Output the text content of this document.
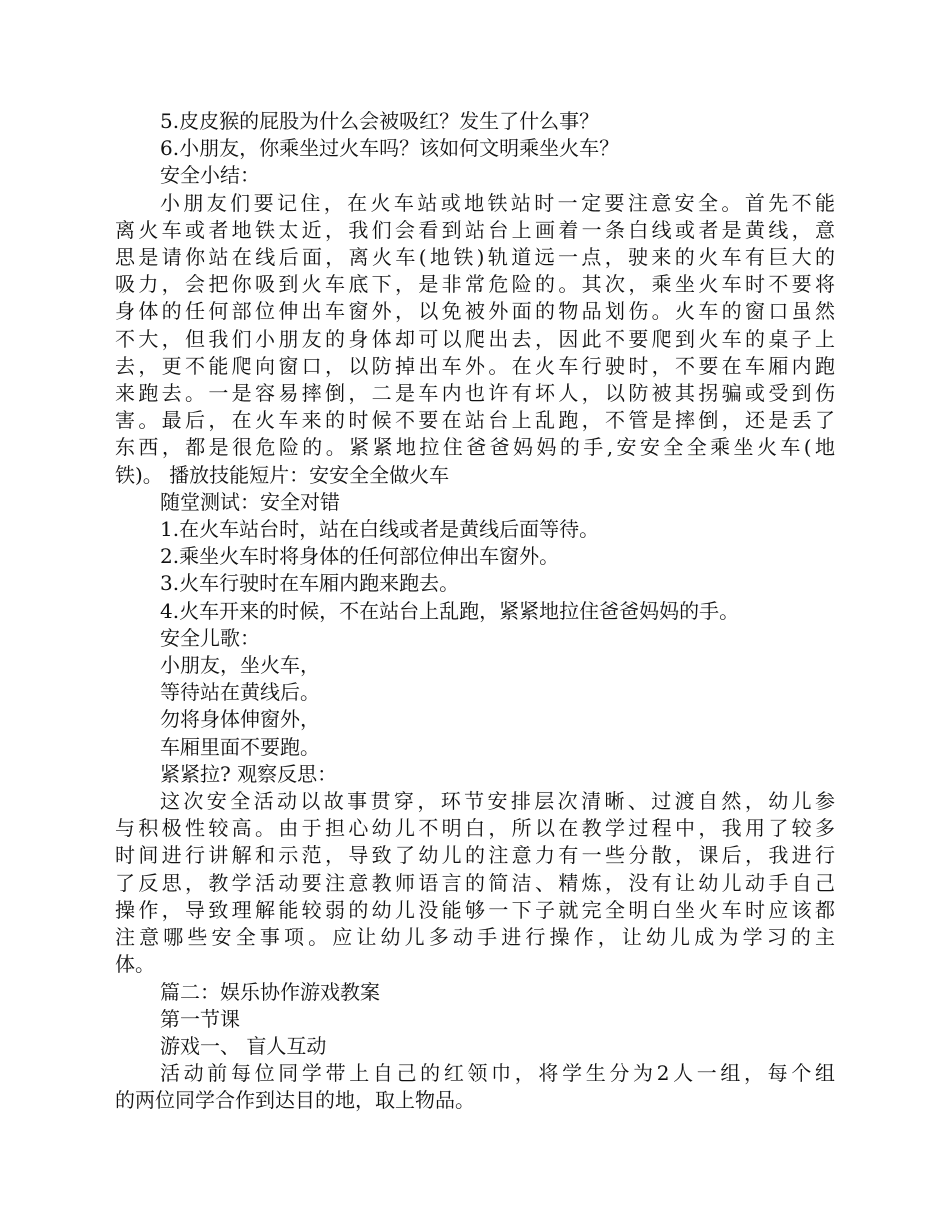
5.皮皮猴的屁股为什么会被吸红？发生了什么事？
6.小朋友，你乘坐过火车吗？该如何文明乘坐火车？
安全小结：
小朋友们要记住，在火车站或地铁站时一定要注意安全。首先不能
离火车或者地铁太近，我们会看到站台上画着一条白线或者是黄线，意
思是请你站在线后面，离火车(地铁)轨道远一点，驶来的火车有巨大的
吸力，会把你吸到火车底下，是非常危险的。其次，乘坐火车时不要将
身体的任何部位伸出车窗外，以免被外面的物品划伤。火车的窗口虽然
不大，但我们小朋友的身体却可以爬出去，因此不要爬到火车的桌子上
去，更不能爬向窗口，以防掉出车外。在火车行驶时，不要在车厢内跑
来跑去。一是容易摔倒，二是车内也许有坏人，以防被其拐骗或受到伤
害。最后，在火车来的时候不要在站台上乱跑，不管是摔倒，还是丢了
东西，都是很危险的。紧紧地拉住爸爸妈妈的手,安安全全乘坐火车(地
铁)。 播放技能短片：安安全全做火车
随堂测试：安全对错
1.在火车站台时，站在白线或者是黄线后面等待。
2.乘坐火车时将身体的任何部位伸出车窗外。
3.火车行驶时在车厢内跑来跑去。
4.火车开来的时候，不在站台上乱跑，紧紧地拉住爸爸妈妈的手。
安全儿歌：
小朋友，坐火车，
等待站在黄线后。
勿将身体伸窗外，
车厢里面不要跑。
紧紧拉? 观察反思：
这次安全活动以故事贯穿，环节安排层次清晰、过渡自然，幼儿参
与积极性较高。由于担心幼儿不明白，所以在教学过程中，我用了较多
时间进行讲解和示范，导致了幼儿的注意力有一些分散，课后，我进行
了反思，教学活动要注意教师语言的简洁、精炼，没有让幼儿动手自己
操作，导致理解能较弱的幼儿没能够一下子就完全明白坐火车时应该都
注意哪些安全事项。应让幼儿多动手进行操作，让幼儿成为学习的主
体。
篇二：娱乐协作游戏教案
第一节课
游戏一、 盲人互动
活动前每位同学带上自己的红领巾，将学生分为2人一组，每个组
的两位同学合作到达目的地，取上物品。
